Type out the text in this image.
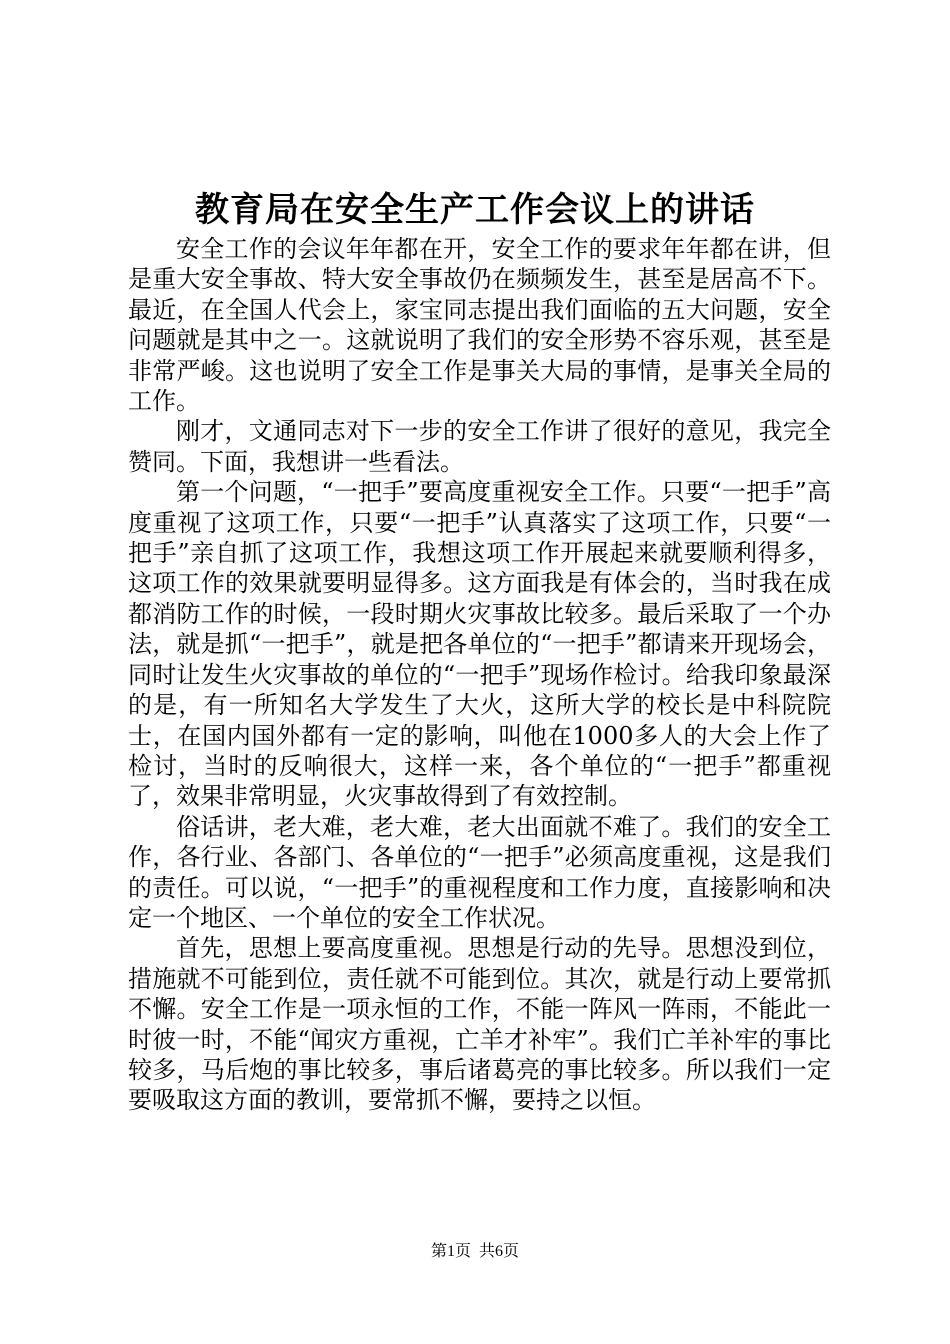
教育局在安全生产工作会议上的讲话

安全工作的会议年年都在开，安全工作的要求年年都在讲，但是重大安全事故、特大安全事故仍在频频发生，甚至是居高不下。最近，在全国人代会上，家宝同志提出我们面临的五大问题，安全问题就是其中之一。这就说明了我们的安全形势不容乐观，甚至是非常严峻。这也说明了安全工作是事关大局的事情，是事关全局的工作。

刚才，文通同志对下一步的安全工作讲了很好的意见，我完全赞同。下面，我想讲一些看法。

第一个问题，“一把手”要高度重视安全工作。只要“一把手”高度重视了这项工作，只要“一把手”认真落实了这项工作，只要“一把手”亲自抓了这项工作，我想这项工作开展起来就要顺利得多，这项工作的效果就要明显得多。这方面我是有体会的，当时我在成都消防工作的时候，一段时期火灾事故比较多。最后采取了一个办法，就是抓“一把手”，就是把各单位的“一把手”都请来开现场会，同时让发生火灾事故的单位的“一把手”现场作检讨。给我印象最深的是，有一所知名大学发生了大火，这所大学的校长是中科院院士，在国内国外都有一定的影响，叫他在1000多人的大会上作了检讨，当时的反响很大，这样一来，各个单位的“一把手”都重视了，效果非常明显，火灾事故得到了有效控制。

俗话讲，老大难，老大难，老大出面就不难了。我们的安全工作，各行业、各部门、各单位的“一把手”必须高度重视，这是我们的责任。可以说，“一把手”的重视程度和工作力度，直接影响和决定一个地区、一个单位的安全工作状况。

首先，思想上要高度重视。思想是行动的先导。思想没到位，措施就不可能到位，责任就不可能到位。其次，就是行动上要常抓不懈。安全工作是一项永恒的工作，不能一阵风一阵雨，不能此一时彼一时，不能“闻灾方重视，亡羊才补牢”。我们亡羊补牢的事比较多，马后炮的事比较多，事后诸葛亮的事比较多。所以我们一定要吸取这方面的教训，要常抓不懈，要持之以恒。

第1页 共6页
